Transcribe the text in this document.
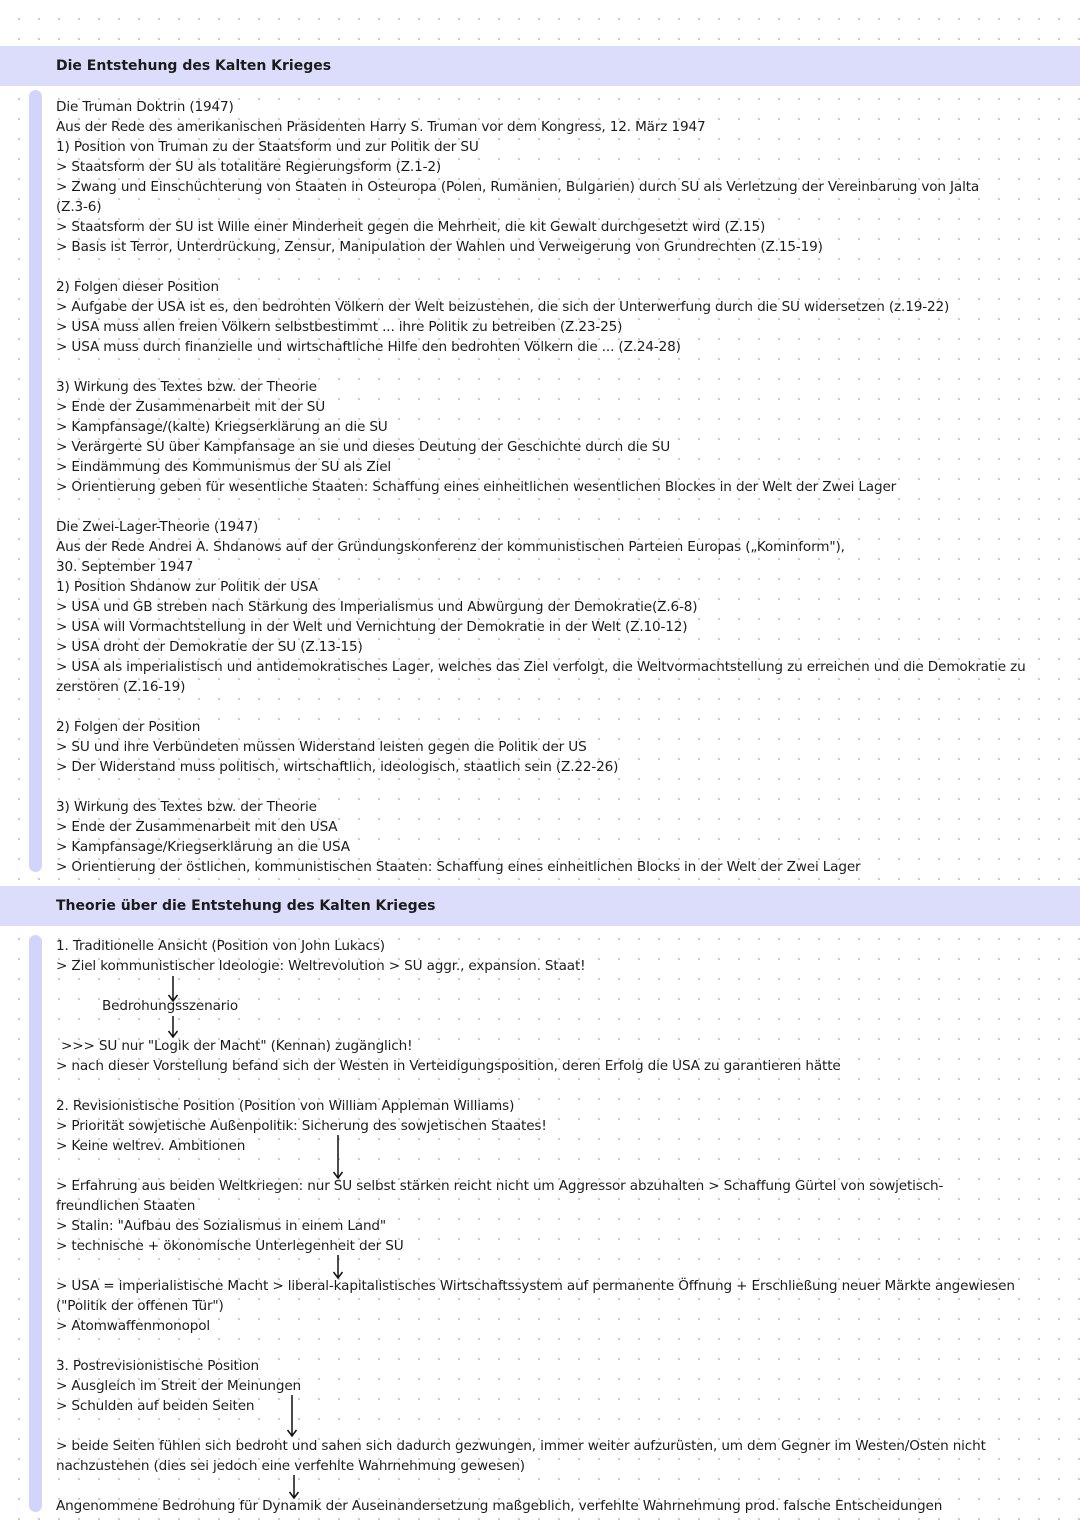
Die Entstehung des Kalten Krieges
Die Truman Doktrin (1947)
Aus der Rede des amerikanischen Präsidenten Harry S. Truman vor dem Kongress, 12. März 1947
1) Position von Truman zu der Staatsform und zur Politik der SU
> Staatsform der SU als totalitäre Regierungsform (Z.1-2)
> Zwang und Einschüchterung von Staaten in Osteuropa (Polen, Rumänien, Bulgarien) durch SU als Verletzung der Vereinbarung von Jalta
(Z.3-6)
> Staatsform der SU ist Wille einer Minderheit gegen die Mehrheit, die kit Gewalt durchgesetzt wird (Z.15)
> Basis ist Terror, Unterdrückung, Zensur, Manipulation der Wahlen und Verweigerung von Grundrechten (Z.15-19)
2) Folgen dieser Position
> Aufgabe der USA ist es, den bedrohten Völkern der Welt beizustehen, die sich der Unterwerfung durch die SU widersetzen (z.19-22)
> USA muss allen freien Völkern selbstbestimmt ... ihre Politik zu betreiben (Z.23-25)
> USA muss durch finanzielle und wirtschaftliche Hilfe den bedrohten Völkern die ... (Z.24-28)
3) Wirkung des Textes bzw. der Theorie
> Ende der Zusammenarbeit mit der SU
> Kampfansage/(kalte) Kriegserklärung an die SU
> Verärgerte SU über Kampfansage an sie und dieses Deutung der Geschichte durch die SU
> Eindämmung des Kommunismus der SU als Ziel
> Orientierung geben für wesentliche Staaten: Schaffung eines einheitlichen wesentlichen Blockes in der Welt der Zwei Lager
Die Zwei-Lager-Theorie (1947)
Aus der Rede Andrei A. Shdanows auf der Gründungskonferenz der kommunistischen Parteien Europas („Kominform"),
30. September 1947
1) Position Shdanow zur Politik der USA
> USA und GB streben nach Stärkung des Imperialismus und Abwürgung der Demokratie(Z.6-8)
> USA will Vormachtstellung in der Welt und Vernichtung der Demokratie in der Welt (Z.10-12)
> USA droht der Demokratie der SU (Z.13-15)
> USA als imperialistisch und antidemokratisches Lager, welches das Ziel verfolgt, die Weltvormachtstellung zu erreichen und die Demokratie zu
zerstören (Z.16-19)
2) Folgen der Position
> SU und ihre Verbündeten müssen Widerstand leisten gegen die Politik der US
> Der Widerstand muss politisch, wirtschaftlich, ideologisch, staatlich sein (Z.22-26)
3) Wirkung des Textes bzw. der Theorie
> Ende der Zusammenarbeit mit den USA
> Kampfansage/Kriegserklärung an die USA
> Orientierung der östlichen, kommunistischen Staaten: Schaffung eines einheitlichen Blocks in der Welt der Zwei Lager
Theorie über die Entstehung des Kalten Krieges
1. Traditionelle Ansicht (Position von John Lukacs)
> Ziel kommunistischer Ideologie: Weltrevolution > SU aggr., expansion. Staat!
Bedrohungsszenario
>>> SU nur "Logik der Macht" (Kennan) zugänglich!
> nach dieser Vorstellung befand sich der Westen in Verteidigungsposition, deren Erfolg die USA zu garantieren hätte
2. Revisionistische Position (Position von William Appleman Williams)
> Priorität sowjetische Außenpolitik: Sicherung des sowjetischen Staates!
> Keine weltrev. Ambitionen
> Erfahrung aus beiden Weltkriegen: nur SU selbst stärken reicht nicht um Aggressor abzuhalten > Schaffung Gürtel von sowjetisch-
freundlichen Staaten
> Stalin: "Aufbau des Sozialismus in einem Land"
> technische + ökonomische Unterlegenheit der SU
> USA = imperialistische Macht > liberal-kapitalistisches Wirtschaftssystem auf permanente Öffnung + Erschließung neuer Märkte angewiesen
("Politik der offenen Tür")
> Atomwaffenmonopol
3. Postrevisionistische Position
> Ausgleich im Streit der Meinungen
> Schulden auf beiden Seiten
> beide Seiten fühlen sich bedroht und sahen sich dadurch gezwungen, immer weiter aufzurüsten, um dem Gegner im Westen/Osten nicht
nachzustehen (dies sei jedoch eine verfehlte Wahrnehmung gewesen)
Angenommene Bedrohung für Dynamik der Auseinandersetzung maßgeblich, verfehlte Wahrnehmung prod. falsche Entscheidungen
